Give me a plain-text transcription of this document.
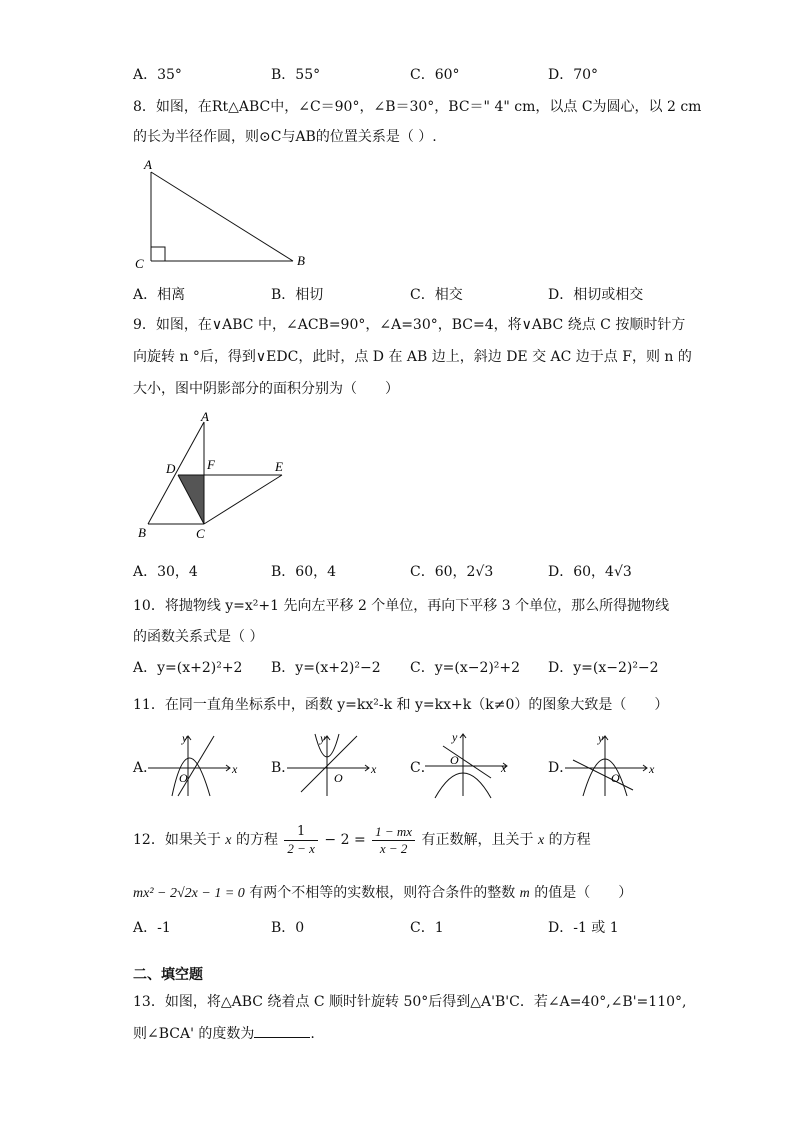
A．35°	B．55°	C．60°	D．70°
8．如图，在Rt△ABC中，∠C＝90°，∠B＝30°，BC＝" 4" cm，以点 C为圆心，以 2 cm
的长为半径作圆，则⊙C与AB的位置关系是（ ）.
A
B
C
A．相离	B．相切	C．相交	D．相切或相交
9．如图，在∨ABC 中，∠ACB=90°，∠A=30°，BC=4，将∨ABC 绕点 C 按顺时针方
向旋转 n °后，得到∨EDC，此时，点 D 在 AB 边上，斜边 DE 交 AC 边于点 F，则 n 的
大小，图中阴影部分的面积分别为（　　）
A
D F	E
B	C
A．30，4	B．60，4	C．60，2√3	D．60，4√3
10．将抛物线 y=x²+1 先向左平移 2 个单位，再向下平移 3 个单位，那么所得抛物线
的函数关系式是（ ）
A．y=(x+2)²+2 B．y=(x+2)²−2 C．y=(x−2)²+2 D．y=(x−2)²−2
11．在同一直角坐标系中，函数 y=kx²-k 和 y=kx+k（k≠0）的图象大致是（　　）
A．
y
x
O
B．
y
x
O
C．
y
x
O	D．
y
x
O
12．如果关于 x 的方程 $\frac{1}{2 - x} - 2 = \frac{1 - mx}{x - 2}$ 有正数解，且关于 x 的方程
mx² − 2√2x − 1 = 0 有两个不相等的实数根，则符合条件的整数 m 的值是（　　）
A．-1	B．0	C．1	D．-1 或 1
二、填空题
13．如图，将△ABC 绕着点 C 顺时针旋转 50°后得到△A'B'C．若∠A=40°,∠B'=110°,
则∠BCA' 的度数为	.
